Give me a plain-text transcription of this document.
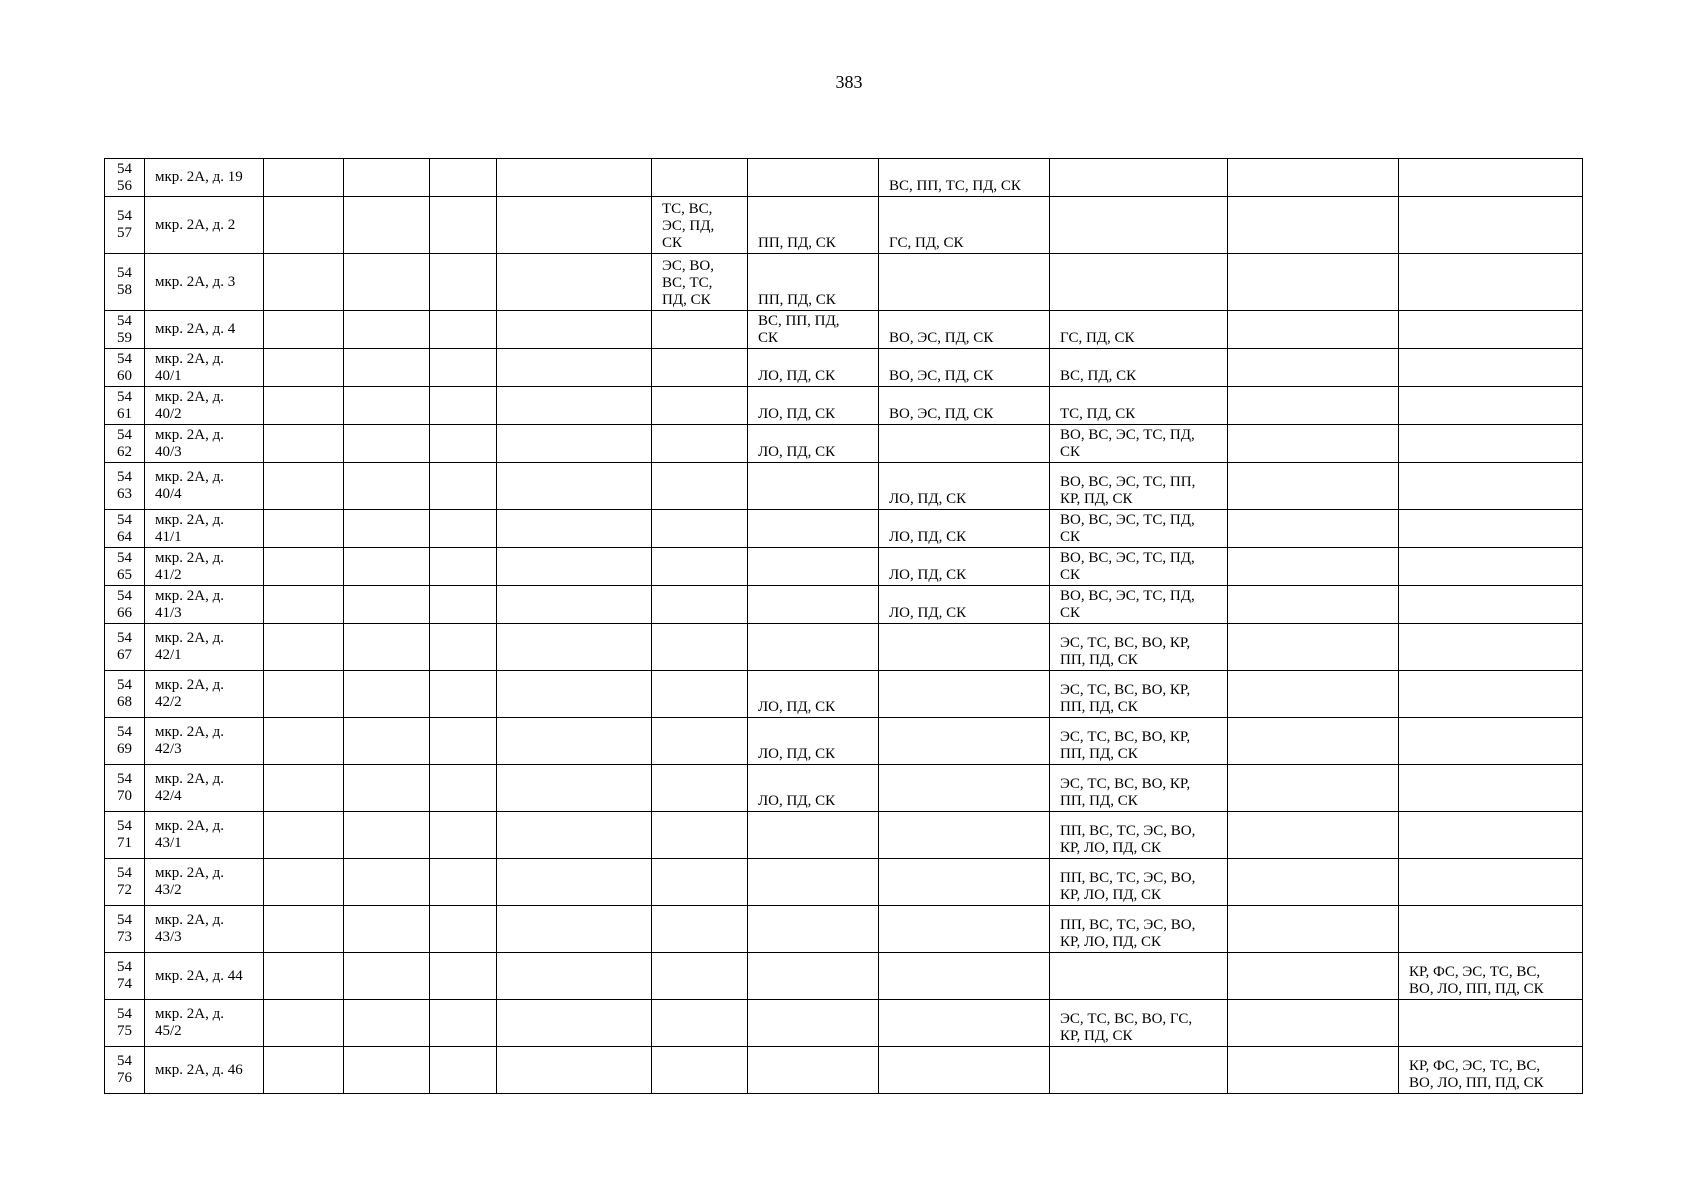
383
54
56	мкр. 2А, д. 19							ВС, ПП, ТС, ПД, СК			
54
57	мкр. 2А, д. 2					ТС, ВС,
ЭС, ПД,
СК	ПП, ПД, СК	ГС, ПД, СК			
54
58	мкр. 2А, д. 3					ЭС, ВО,
ВС, ТС,
ПД, СК	ПП, ПД, СК				
54
59	мкр. 2А, д. 4						ВС, ПП, ПД,
СК	ВО, ЭС, ПД, СК	ГС, ПД, СК		
54
60	мкр. 2А, д.
40/1						ЛО, ПД, СК	ВО, ЭС, ПД, СК	ВС, ПД, СК		
54
61	мкр. 2А, д.
40/2						ЛО, ПД, СК	ВО, ЭС, ПД, СК	ТС, ПД, СК		
54
62	мкр. 2А, д.
40/3						ЛО, ПД, СК		ВО, ВС, ЭС, ТС, ПД,
СК		
54
63	мкр. 2А, д.
40/4							ЛО, ПД, СК	ВО, ВС, ЭС, ТС, ПП,
КР, ПД, СК		
54
64	мкр. 2А, д.
41/1							ЛО, ПД, СК	ВО, ВС, ЭС, ТС, ПД,
СК		
54
65	мкр. 2А, д.
41/2							ЛО, ПД, СК	ВО, ВС, ЭС, ТС, ПД,
СК		
54
66	мкр. 2А, д.
41/3							ЛО, ПД, СК	ВО, ВС, ЭС, ТС, ПД,
СК		
54
67	мкр. 2А, д.
42/1								ЭС, ТС, ВС, ВО, КР,
ПП, ПД, СК		
54
68	мкр. 2А, д.
42/2						ЛО, ПД, СК		ЭС, ТС, ВС, ВО, КР,
ПП, ПД, СК		
54
69	мкр. 2А, д.
42/3						ЛО, ПД, СК		ЭС, ТС, ВС, ВО, КР,
ПП, ПД, СК		
54
70	мкр. 2А, д.
42/4						ЛО, ПД, СК		ЭС, ТС, ВС, ВО, КР,
ПП, ПД, СК		
54
71	мкр. 2А, д.
43/1								ПП, ВС, ТС, ЭС, ВО,
КР, ЛО, ПД, СК		
54
72	мкр. 2А, д.
43/2								ПП, ВС, ТС, ЭС, ВО,
КР, ЛО, ПД, СК		
54
73	мкр. 2А, д.
43/3								ПП, ВС, ТС, ЭС, ВО,
КР, ЛО, ПД, СК		
54
74	мкр. 2А, д. 44										КР, ФС, ЭС, ТС, ВС,
ВО, ЛО, ПП, ПД, СК
54
75	мкр. 2А, д.
45/2								ЭС, ТС, ВС, ВО, ГС,
КР, ПД, СК		
54
76	мкр. 2А, д. 46										КР, ФС, ЭС, ТС, ВС,
ВО, ЛО, ПП, ПД, СК
